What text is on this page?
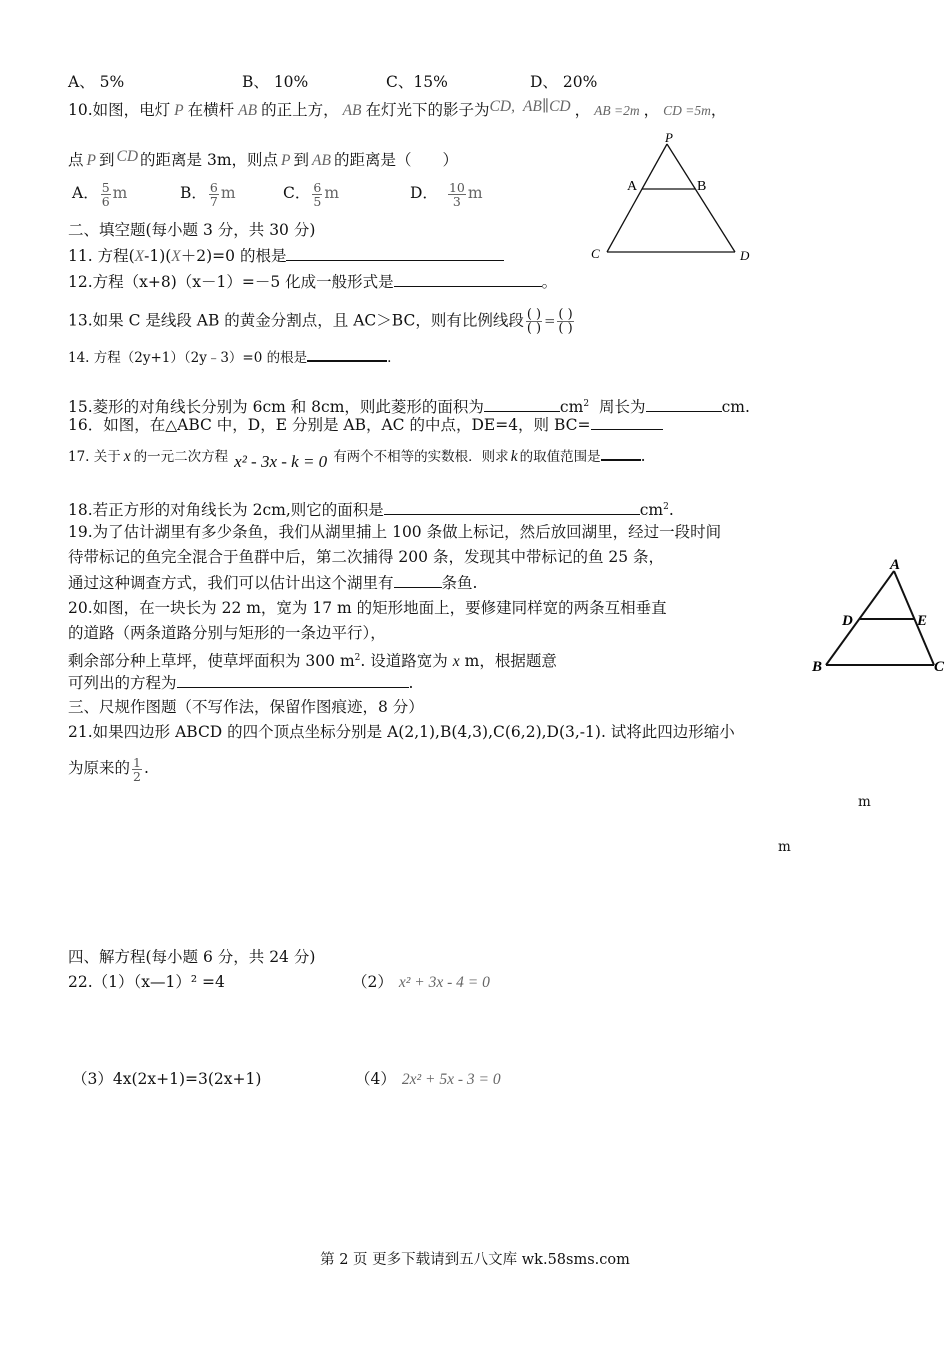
A、 5%	B、 10%	C、15%	D、 20%
10.如图，电灯 P 在横杆 AB 的正上方， AB 在灯光下的影子为CD, AB∥CD ， AB =2m ， CD =5m，
点 P 到 CD 的距离是 3m，则点 P 到 AB 的距离是（　　）
A． $\frac{5}{6}$ m	B． $\frac{6}{7}$ m	C． $\frac{6}{5}$ m	D． $\frac{10}{3}$ m
P
A	B
C	D
二、填空题(每小题 3 分，共 30 分)
11. 方程(X-1)(X＋2)=0 的根是
12.方程（x+8)（x－1）=－5 化成一般形式是	。
13.如果 C 是线段 AB 的黄金分割点，且 AC＞BC，则有比例线段 $\frac{( )}{( )} = \frac{( )}{( )}$
14. 方程（2y+1）（2y﹣3）=0 的根是	.
15.菱形的对角线长分别为 6cm 和 8cm，则此菱形的面积为	$cm^2$ 周长为	cm.
16．如图，在△ABC 中，D，E 分别是 AB，AC 的中点，DE=4，则 BC=
17. 关于 x 的一元二次方程 x² - 3x - k = 0 有两个不相等的实数根．则求 k 的取值范围是	.
18.若正方形的对角线长为 2cm,则它的面积是	$cm^2$.
19.为了估计湖里有多少条鱼，我们从湖里捕上 100 条做上标记，然后放回湖里，经过一段时间
待带标记的鱼完全混合于鱼群中后，第二次捕得 200 条，发现其中带标记的鱼 25 条，
通过这种调查方式，我们可以估计出这个湖里有	条鱼.
20.如图，在一块长为 22 m，宽为 17 m 的矩形地面上，要修建同样宽的两条互相垂直
的道路（两条道路分别与矩形的一条边平行），
剩余部分种上草坪，使草坪面积为 300 $m^2$. 设道路宽为 x m，根据题意
可列出的方程为	.
A
D	E
B	C
三、尺规作图题（不写作法，保留作图痕迹，8 分）
21.如果四边形 ABCD 的四个顶点坐标分别是 A(2,1),B(4,3),C(6,2),D(3,-1). 试将此四边形缩小
为原来的 $\frac{1}{2}$ .
m
m
四、解方程(每小题 6 分，共 24 分)
22.（1）（x—1）² =4	（2） x² + 3x - 4 = 0
（3）4x(2x+1)=3(2x+1)	（4） 2x² + 5x - 3 = 0
第 2 页 更多下载请到五八文库 wk.58sms.com
